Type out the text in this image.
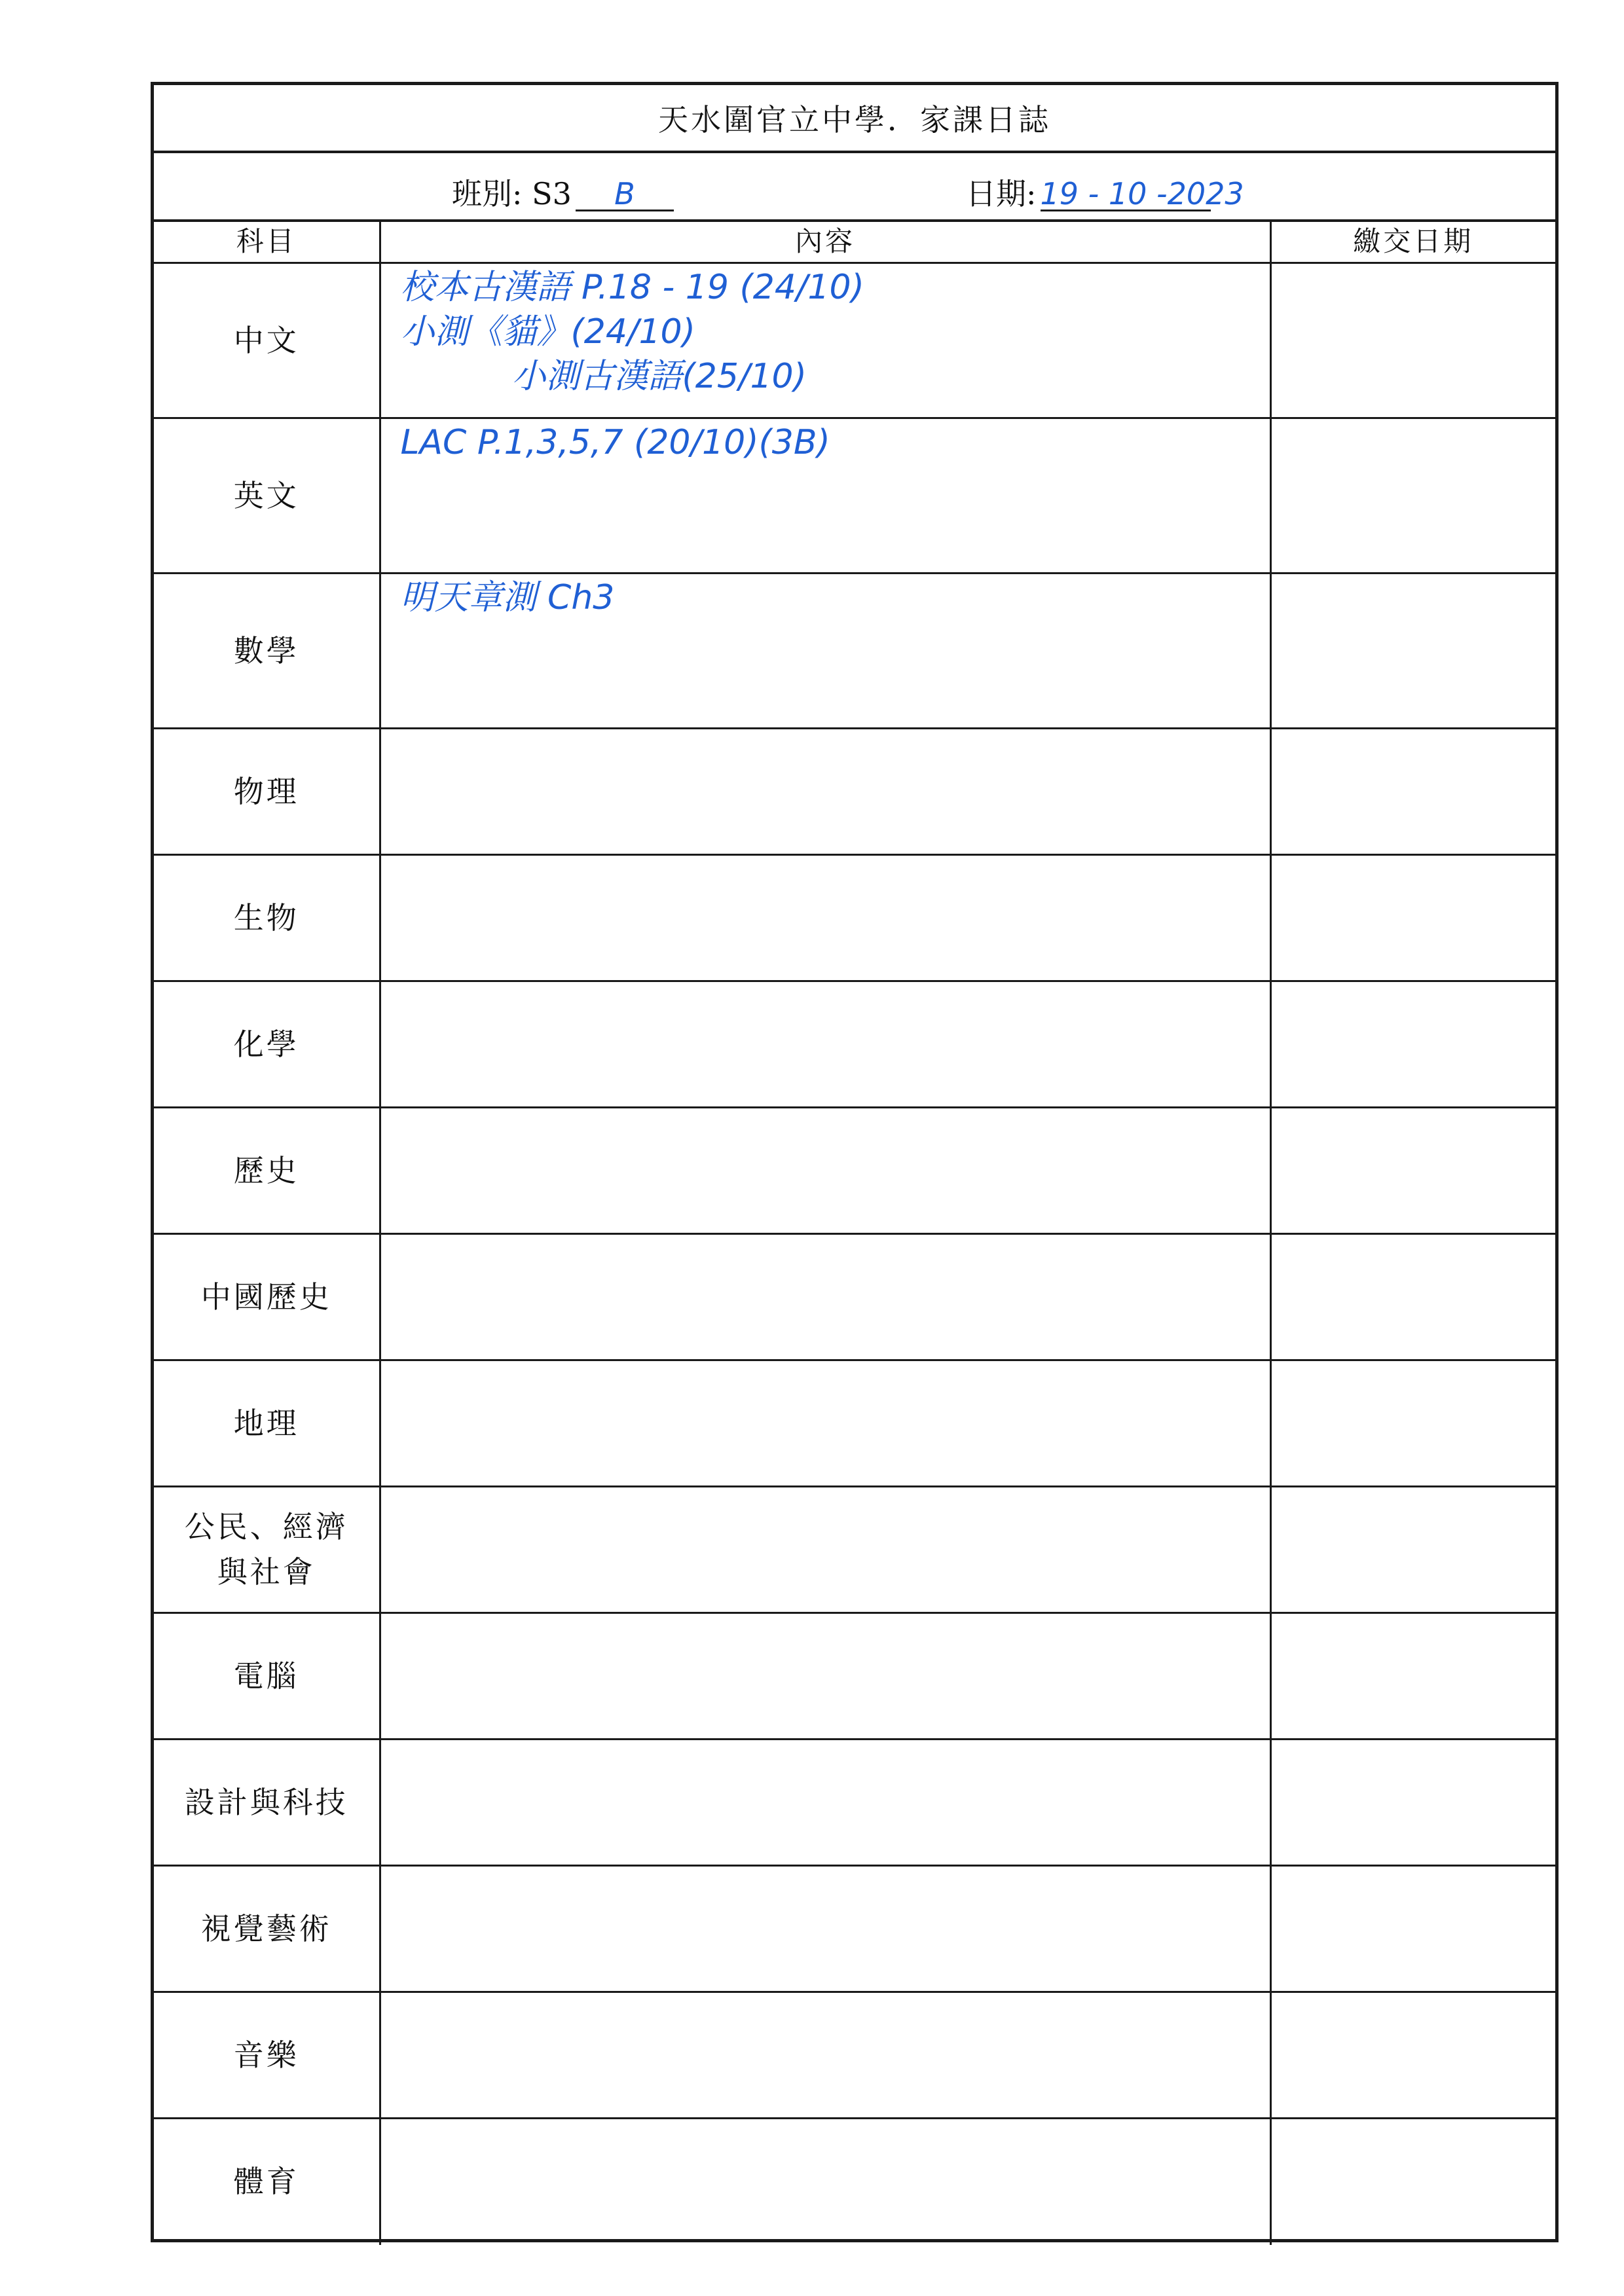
天水圍官立中學．家課日誌
班別: S3 B	日期: 19 - 10 -2023
科目	內容	繳交日期
中文	校本古漢語 P.18 - 19 (24/10)
小測《貓》(24/10)
小測古漢語(25/10)	

英文	LAC P.1,3,5,7 (20/10)(3B)	

數學	明天章測 Ch3	

物理		
生物		
化學		
歷史		
中國歷史		
地理		
公民、經濟
與社會		
電腦		
設計與科技		
視覺藝術		
音樂		
體育		
